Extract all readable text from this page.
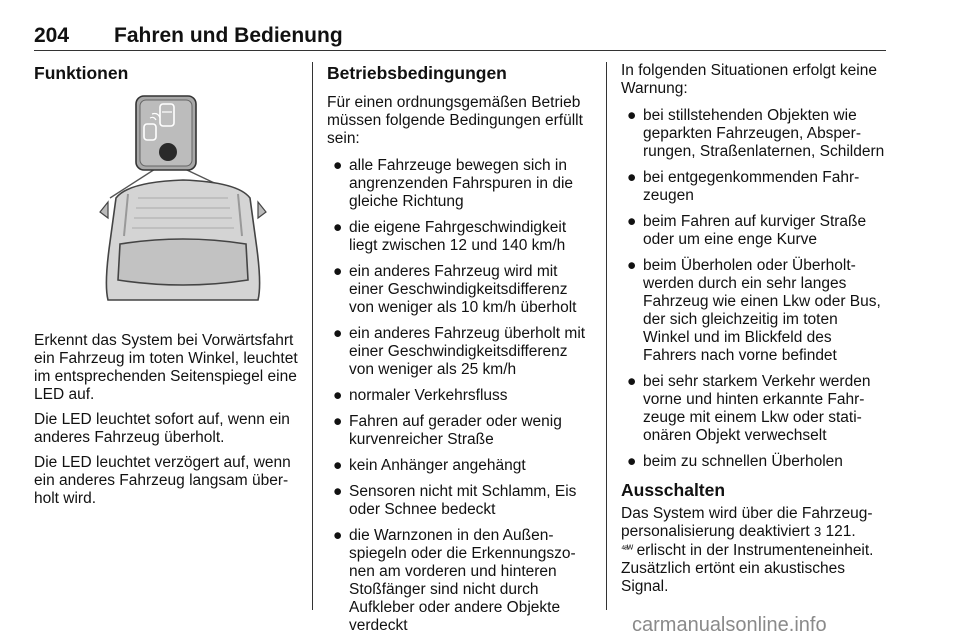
204 Fahren und Bedienung
Funktionen

Erkennt das System bei Vorwärtsfahrt ein Fahrzeug im toten Winkel, leuchtet im entsprechenden Seitenspiegel eine LED auf.

Die LED leuchtet sofort auf, wenn ein anderes Fahrzeug überholt.

Die LED leuchtet verzögert auf, wenn ein anderes Fahrzeug langsam überholt wird.

Betriebsbedingungen

Für einen ordnungsgemäßen Betrieb müssen folgende Bedingungen erfüllt sein:

● alle Fahrzeuge bewegen sich in angrenzenden Fahrspuren in die gleiche Richtung
● die eigene Fahrgeschwindigkeit liegt zwischen 12 und 140 km/h
● ein anderes Fahrzeug wird mit einer Geschwindigkeitsdifferenz von weniger als 10 km/h überholt
● ein anderes Fahrzeug überholt mit einer Geschwindigkeitsdifferenz von weniger als 25 km/h
● normaler Verkehrsfluss
● Fahren auf gerader oder wenig kurvenreicher Straße
● kein Anhänger angehängt
● Sensoren nicht mit Schlamm, Eis oder Schnee bedeckt
● die Warnzonen in den Außenspiegeln oder die Erkennungszonen am vorderen und hinteren Stoßfänger sind nicht durch Aufkleber oder andere Objekte verdeckt

In folgenden Situationen erfolgt keine Warnung:

● bei stillstehenden Objekten wie geparkten Fahrzeugen, Absperrungen, Straßenlaternen, Schildern
● bei entgegenkommenden Fahrzeugen
● beim Fahren auf kurviger Straße oder um eine enge Kurve
● beim Überholen oder Überholtwerden durch ein sehr langes Fahrzeug wie einen Lkw oder Bus, der sich gleichzeitig im toten Winkel und im Blickfeld des Fahrers nach vorne befindet
● bei sehr starkem Verkehr werden vorne und hinten erkannte Fahrzeuge mit einem Lkw oder stationären Objekt verwechselt
● beim zu schnellen Überholen
Ausschalten

Das System wird über die Fahrzeugpersonalisierung deaktiviert 3 121.

⁴ᵃᵂ erlischt in der Instrumenteneinheit. Zusätzlich ertönt ein akustisches Signal.

carmanualsonline.info
